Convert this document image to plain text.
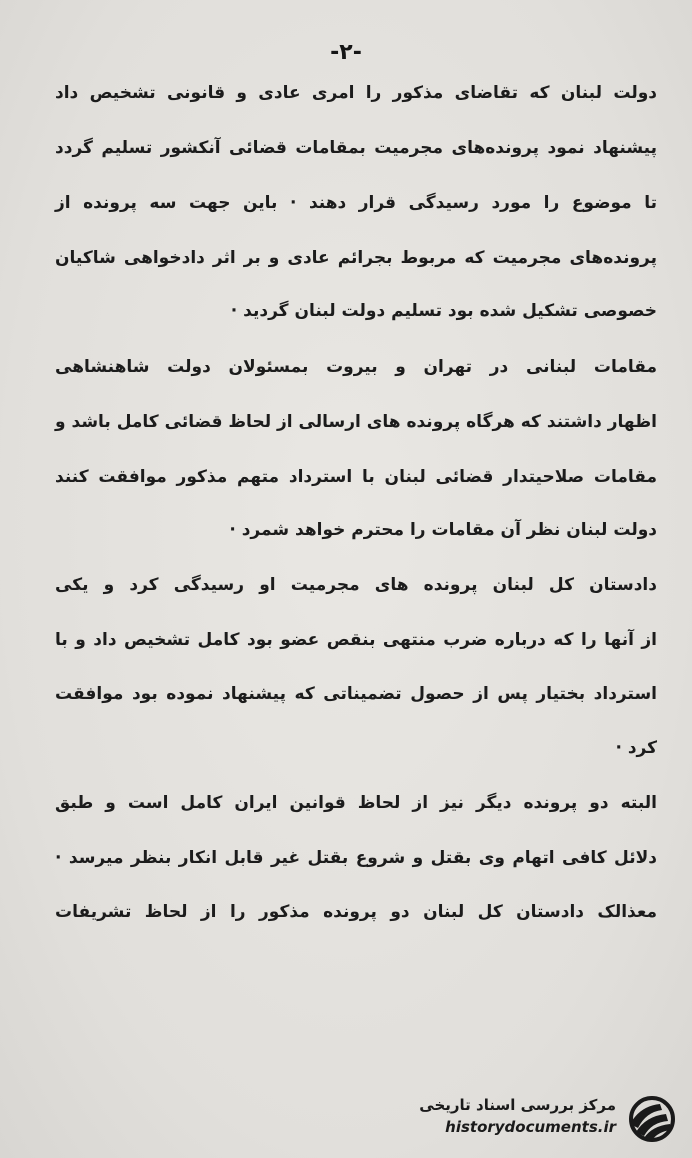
-۲-
دولت لبنان که تقاضای مذکور را امری عادی و قانونی تشخیص داد
پیشنهاد نمود پرونده‌های مجرمیت بمقامات قضائی آنکشور تسلیم گردد
تا موضوع را مورد رسیدگی قرار دهند · باین جهت سه پرونده از
پرونده‌های مجرمیت که مربوط بجرائم عادی و بر اثر دادخواهی شاکیان
خصوصی تشکیل شده بود تسلیم دولت لبنان گردید ·
مقامات لبنانی در تهران و بیروت بمسئولان دولت شاهنشاهی
اظهار داشتند که هرگاه پرونده های ارسالی از لحاظ قضائی کامل باشد و
مقامات صلاحیتدار قضائی لبنان با استرداد متهم مذکور موافقت کنند
دولت لبنان نظر آن مقامات را محترم خواهد شمرد ·
دادستان کل لبنان پرونده های مجرمیت او رسیدگی کرد و یکی
از آنها را که درباره ضرب منتهی بنقص عضو بود کامل تشخیص داد و با
استرداد بختیار پس از حصول تضمیناتی که پیشنهاد نموده بود موافقت
کرد ·
البته دو پرونده دیگر نیز از لحاظ قوانین ایران کامل است و طبق
دلائل کافی اتهام وی بقتل و شروع بقتل غیر قابل انکار بنظر میرسد ·
معذالک دادستان کل لبنان دو پرونده مذکور را از لحاظ تشریفات
مرکز بررسی اسناد تاریخی
historydocuments.ir
